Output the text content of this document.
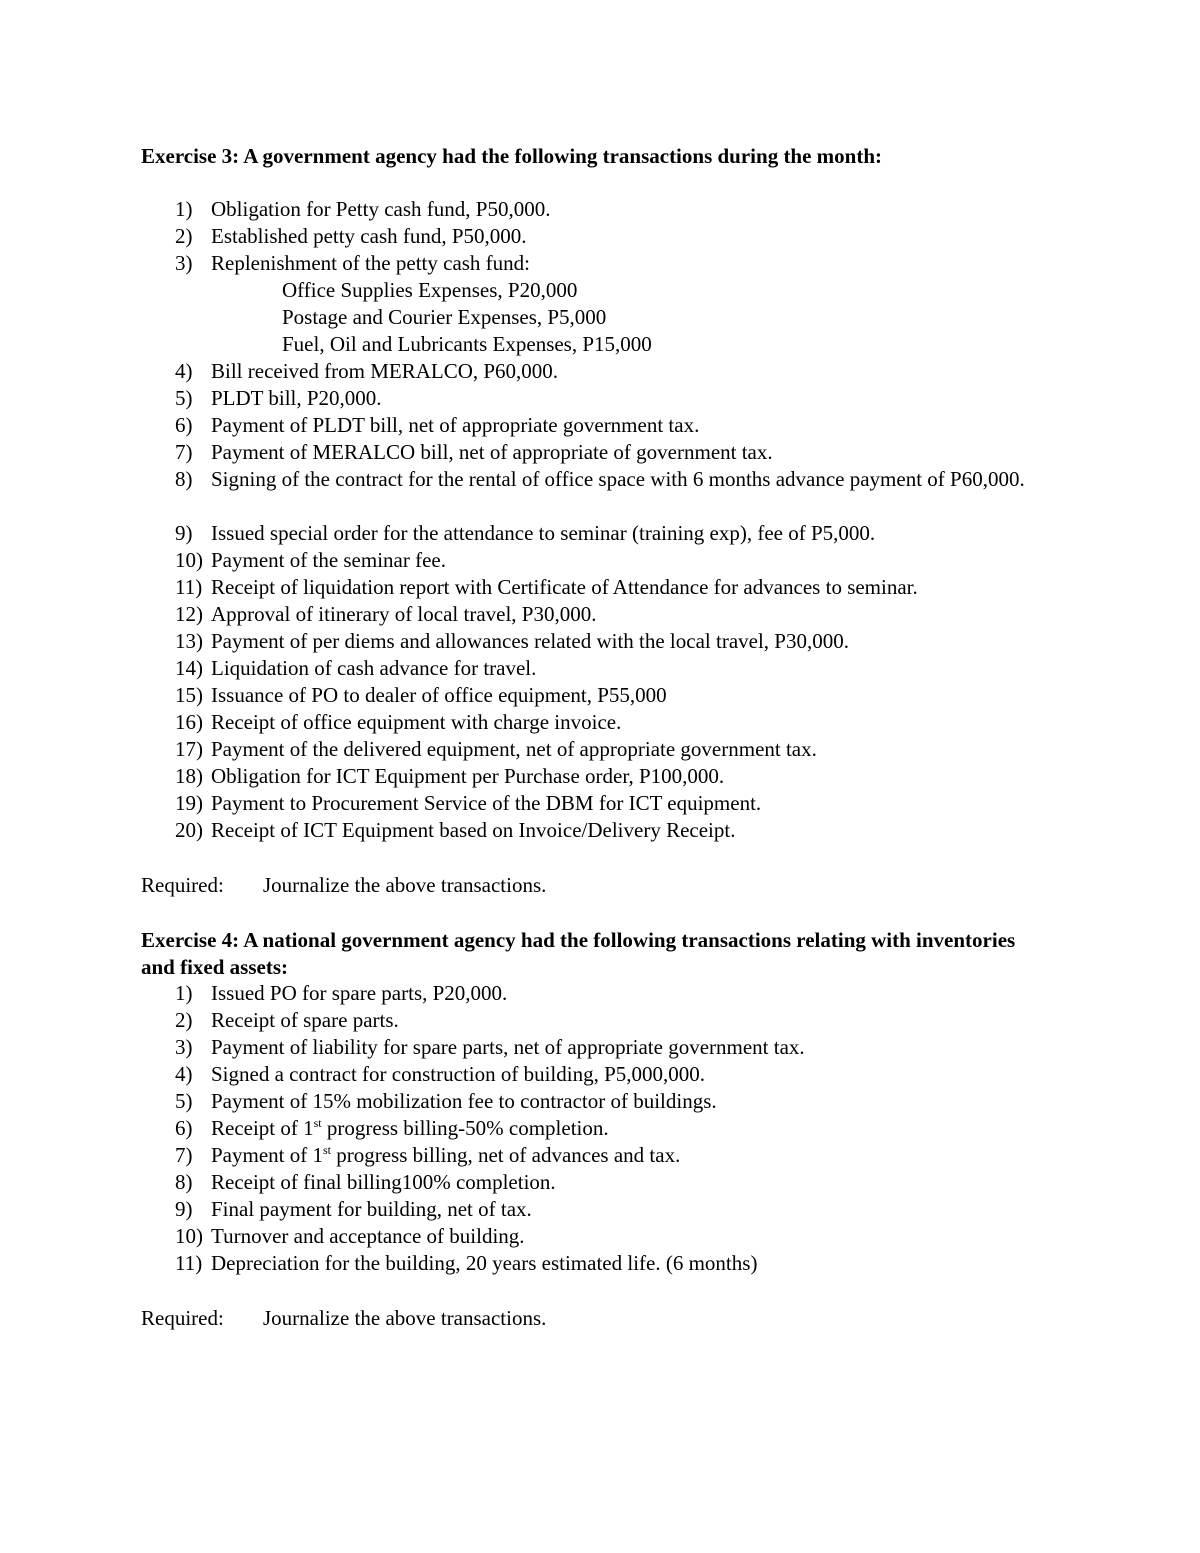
Exercise 3: A government agency had the following transactions during the month:
1) Obligation for Petty cash fund, P50,000.
2) Established petty cash fund, P50,000.
3) Replenishment of the petty cash fund:
Office Supplies Expenses, P20,000
Postage and Courier Expenses, P5,000
Fuel, Oil and Lubricants Expenses, P15,000
4) Bill received from MERALCO, P60,000.
5) PLDT bill, P20,000.
6) Payment of PLDT bill, net of appropriate government tax.
7) Payment of MERALCO bill, net of appropriate of government tax.
8) Signing of the contract for the rental of office space with 6 months advance payment of P60,000.
9) Issued special order for the attendance to seminar (training exp), fee of P5,000.
10) Payment of the seminar fee.
11) Receipt of liquidation report with Certificate of Attendance for advances to seminar.
12) Approval of itinerary of local travel, P30,000.
13) Payment of per diems and allowances related with the local travel, P30,000.
14) Liquidation of cash advance for travel.
15) Issuance of PO to dealer of office equipment, P55,000
16) Receipt of office equipment with charge invoice.
17) Payment of the delivered equipment, net of appropriate government tax.
18) Obligation for ICT Equipment per Purchase order, P100,000.
19) Payment to Procurement Service of the DBM for ICT equipment.
20) Receipt of ICT Equipment based on Invoice/Delivery Receipt.
Required: Journalize the above transactions.
Exercise 4: A national government agency had the following transactions relating with inventories and fixed assets:
1) Issued PO for spare parts, P20,000.
2) Receipt of spare parts.
3) Payment of liability for spare parts, net of appropriate government tax.
4) Signed a contract for construction of building, P5,000,000.
5) Payment of 15% mobilization fee to contractor of buildings.
6) Receipt of 1st progress billing-50% completion.
7) Payment of 1st progress billing, net of advances and tax.
8) Receipt of final billing100% completion.
9) Final payment for building, net of tax.
10) Turnover and acceptance of building.
11) Depreciation for the building, 20 years estimated life. (6 months)
Required: Journalize the above transactions.
